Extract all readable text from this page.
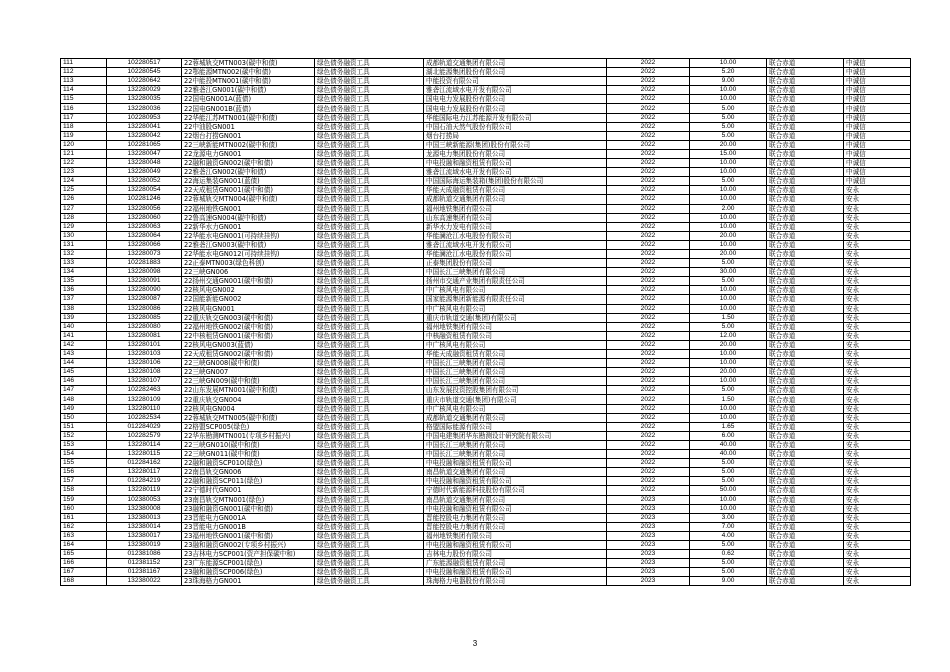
111	102280517	22蓉城轨交MTN003(碳中和债)	绿色债务融资工具	成都轨道交通集团有限公司	2022	10.00	联合赤道	中诚信
112	102280545	22鄂能源MTN002(碳中和债)	绿色债务融资工具	湖北能源集团股份有限公司	2022	5.20	联合赤道	中诚信
113	102280642	22中能投MTN001(碳中和债)	绿色债务融资工具	中能投资有限公司	2022	9.00	联合赤道	中诚信
114	132280029	22雅砻江GN001(碳中和债)	绿色债务融资工具	雅砻江流域水电开发有限公司	2022	10.00	联合赤道	中诚信
115	132280035	22国电GN001A(蓝债)	绿色债务融资工具	国电电力发展股份有限公司	2022	10.00	联合赤道	中诚信
116	132280036	22国电GN001B(蓝债)	绿色债务融资工具	国电电力发展股份有限公司	2022	5.00	联合赤道	中诚信
117	102280953	22华能江苏MTN001(碳中和债)	绿色债务融资工具	华能国际电力江苏能源开发有限公司	2022	5.00	联合赤道	中诚信
118	132280041	22中油股GN001	绿色债务融资工具	中国石油天然气股份有限公司	2022	5.00	联合赤道	中诚信
119	132280042	22烟台打捞GN001	绿色债务融资工具	烟台打捞局	2022	5.00	联合赤道	中诚信
120	102281065	22三峡新能MTN002(碳中和债)	绿色债务融资工具	中国三峡新能源(集团)股份有限公司	2022	20.00	联合赤道	中诚信
121	132280047	22龙源电力GN001	绿色债务融资工具	龙源电力集团股份有限公司	2022	15.00	联合赤道	中诚信
122	132280048	22融和融资GN002(碳中和债)	绿色债务融资工具	中电投融和融资租赁有限公司	2022	10.00	联合赤道	中诚信
123	132280049	22雅砻江GN002(碳中和债)	绿色债务融资工具	雅砻江流域水电开发有限公司	2022	10.00	联合赤道	中诚信
124	132280052	22海运集装GN001(蓝债)	绿色债务融资工具	中国国际海运集装箱(集团)股份有限公司	2022	5.00	联合赤道	中诚信
125	132280054	22天成租赁GN001(碳中和债)	绿色债务融资工具	华能天成融资租赁有限公司	2022	10.00	联合赤道	安永
126	102281246	22蓉城轨交MTN004(碳中和债)	绿色债务融资工具	成都轨道交通集团有限公司	2022	10.00	联合赤道	安永
127	132280056	22福州地铁GN001	绿色债务融资工具	福州地铁集团有限公司	2022	2.00	联合赤道	安永
128	132280060	22鲁高速GN004(碳中和债)	绿色债务融资工具	山东高速集团有限公司	2022	10.00	联合赤道	安永
129	132280063	22新华水力GN001	绿色债务融资工具	新华水力发电有限公司	2022	10.00	联合赤道	安永
130	132280064	22华能水电GN001(可持续挂钩)	绿色债务融资工具	华能澜沧江水电股份有限公司	2022	20.00	联合赤道	安永
131	132280066	22雅砻江GN003(碳中和债)	绿色债务融资工具	雅砻江流域水电开发有限公司	2022	10.00	联合赤道	安永
132	132280073	22华能水电GN012(可持续挂钩)	绿色债务融资工具	华能澜沧江水电股份有限公司	2022	20.00	联合赤道	安永
133	102281883	22正泰MTN003(绿色科创)	绿色债务融资工具	正泰集团股份有限公司	2022	5.00	联合赤道	安永
134	132280098	22三峡GN006	绿色债务融资工具	中国长江三峡集团有限公司	2022	30.00	联合赤道	安永
135	132280091	22扬州交通GN001(碳中和债)	绿色债务融资工具	扬州市交通产业集团有限责任公司	2022	5.00	联合赤道	安永
136	132280090	22核风电GN002	绿色债务融资工具	中广核风电有限公司	2022	10.00	联合赤道	安永
137	132280087	22国能新能GN002	绿色债务融资工具	国家能源集团新能源有限责任公司	2022	10.00	联合赤道	安永
138	132280086	22核风电GN001	绿色债务融资工具	中广核风电有限公司	2022	10.00	联合赤道	安永
139	132280085	22重庆轨交GN003(碳中和债)	绿色债务融资工具	重庆市轨道交通(集团)有限公司	2022	1.50	联合赤道	安永
140	132280080	22福州地铁GN002(碳中和债)	绿色债务融资工具	福州地铁集团有限公司	2022	5.00	联合赤道	安永
141	132280081	22中核租赁GN001(碳中和债)	绿色债务融资工具	中核融资租赁有限公司	2022	12.00	联合赤道	安永
142	132280101	22核风电GN003(蓝债)	绿色债务融资工具	中广核风电有限公司	2022	20.00	联合赤道	安永
143	132280103	22天成租赁GN002(碳中和债)	绿色债务融资工具	华能天成融资租赁有限公司	2022	10.00	联合赤道	安永
144	132280106	22三峡GN008(碳中和债)	绿色债务融资工具	中国长江三峡集团有限公司	2022	10.00	联合赤道	安永
145	132280108	22三峡GN007	绿色债务融资工具	中国长江三峡集团有限公司	2022	20.00	联合赤道	安永
146	132280107	22三峡GN009(碳中和债)	绿色债务融资工具	中国长江三峡集团有限公司	2022	10.00	联合赤道	安永
147	102282463	22山东发展MTN001(碳中和债)	绿色债务融资工具	山东发展投资控股集团有限公司	2022	5.00	联合赤道	安永
148	132280109	22重庆轨交GN004	绿色债务融资工具	重庆市轨道交通(集团)有限公司	2022	1.50	联合赤道	安永
149	132280110	22核风电GN004	绿色债务融资工具	中广核风电有限公司	2022	10.00	联合赤道	安永
150	102282534	22蓉城轨交MTN005(碳中和债)	绿色债务融资工具	成都轨道交通集团有限公司	2022	10.00	联合赤道	安永
151	012284029	22格盟SCP005(绿色)	绿色债务融资工具	格盟国际能源有限公司	2022	1.65	联合赤道	安永
152	102282579	22华东勘测MTN001(专项乡村振兴)	绿色债务融资工具	中国电建集团华东勘测设计研究院有限公司	2022	6.00	联合赤道	安永
153	132280114	22三峡GN010(碳中和债)	绿色债务融资工具	中国长江三峡集团有限公司	2022	40.00	联合赤道	安永
154	132280115	22三峡GN011(碳中和债)	绿色债务融资工具	中国长江三峡集团有限公司	2022	40.00	联合赤道	安永
155	012284162	22融和融资SCP010(绿色)	绿色债务融资工具	中电投融和融资租赁有限公司	2022	5.00	联合赤道	安永
156	132280117	22南昌轨交GN006	绿色债务融资工具	南昌轨道交通集团有限公司	2022	5.00	联合赤道	安永
157	012284219	22融和融资SCP011(绿色)	绿色债务融资工具	中电投融和融资租赁有限公司	2022	5.00	联合赤道	安永
158	132280119	22宁德时代GN001	绿色债务融资工具	宁德时代新能源科技股份有限公司	2022	50.00	联合赤道	安永
159	102380053	23南昌轨交MTN001(绿色)	绿色债务融资工具	南昌轨道交通集团有限公司	2023	10.00	联合赤道	安永
160	132380008	23融和融资GN001(碳中和债)	绿色债务融资工具	中电投融和融资租赁有限公司	2023	10.00	联合赤道	安永
161	132380013	23晋能电力GN001A	绿色债务融资工具	晋能控股电力集团有限公司	2023	3.00	联合赤道	安永
162	132380014	23晋能电力GN001B	绿色债务融资工具	晋能控股电力集团有限公司	2023	7.00	联合赤道	安永
163	132380017	23福州地铁GN001(碳中和债)	绿色债务融资工具	福州地铁集团有限公司	2023	4.00	联合赤道	安永
164	132380019	23融和融资GN002(专项乡村振兴)	绿色债务融资工具	中电投融和融资租赁有限公司	2023	5.00	联合赤道	安永
165	012381086	23吉林电力SCP001(资产担保碳中和)	绿色债务融资工具	吉林电力股份有限公司	2023	0.62	联合赤道	安永
166	012381152	23广东能源SCP001(绿色)	绿色债务融资工具	广东能源融资租赁有限公司	2023	5.00	联合赤道	安永
167	012381167	23融和融资SCP006(绿色)	绿色债务融资工具	中电投融和融资租赁有限公司	2023	5.00	联合赤道	安永
168	132380022	23珠海格力GN001	绿色债务融资工具	珠海格力电器股份有限公司	2023	9.00	联合赤道	安永
3
